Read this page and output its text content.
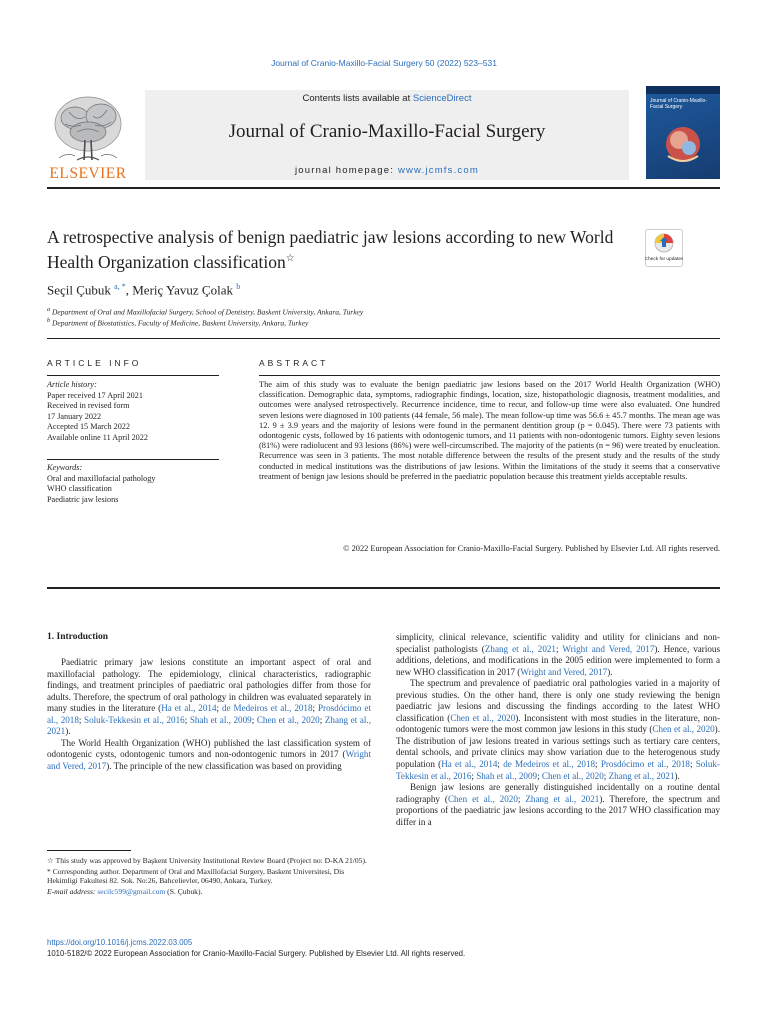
Journal of Cranio-Maxillo-Facial Surgery 50 (2022) 523–531
ELSEVIER
Contents lists available at ScienceDirect
Journal of Cranio-Maxillo-Facial Surgery
journal homepage: www.jcmfs.com
Journal of Cranio-Maxillo-Facial Surgery
A retrospective analysis of benign paediatric jaw lesions according to new World Health Organization classification☆	Check for updates
Seçil Çubuk $^{a, *}$, Meriç Yavuz Çolak $^b$
$^a$ Department of Oral and Maxillofacial Surgery, School of Dentistry, Baskent University, Ankara, Turkey
$^b$ Department of Biostatistics, Faculty of Medicine, Baskent University, Ankara, Turkey
ARTICLE INFO
Article history:
Paper received 17 April 2021
Received in revised form
17 January 2022
Accepted 15 March 2022
Available online 11 April 2022
Keywords:
Oral and maxillofacial pathology
WHO classification
Paediatric jaw lesions
ABSTRACT
The aim of this study was to evaluate the benign paediatric jaw lesions based on the 2017 World Health Organization (WHO) classification. Demographic data, symptoms, radiographic findings, location, size, histopathologic diagnosis, treatment modalities, and outcomes were analysed retrospectively. Recurrence incidence, time to recur, and follow-up time were also evaluated. One hundred seven lesions were diagnosed in 100 patients (44 female, 56 male). The mean follow-up time was 56.6 ± 45.7 months. The mean age was 12. 9 ± 3.9 years and the majority of lesions were found in the permanent dentition group (p = 0.045). There were 73 patients with odontogenic cysts, followed by 16 patients with odontogenic tumors, and 11 patients with non-odontogenic tumors. Eighty seven lesions (81%) were radiolucent and 93 lesions (86%) were well-circumscribed. The majority of the patients (n = 96) were treated by enucleation. Recurrence was seen in 3 patients. The most notable difference between the results of the present study and the results of the study conducted in medical institutions was the distributions of jaw lesions. Within the limitations of the study it seems that a conservative treatment of benign jaw lesions should be preferred in the paediatric population because this treatment yields acceptable results.
© 2022 European Association for Cranio-Maxillo-Facial Surgery. Published by Elsevier Ltd. All rights reserved.
1. Introduction

Paediatric primary jaw lesions constitute an important aspect of oral and maxillofacial pathology. The epidemiology, clinical characteristics, radiographic findings, and treatment principles of paediatric oral pathologies differ from those for adults. Therefore, the spectrum of oral pathology in children was evaluated separately in many studies in the literature (Ha et al., 2014; de Medeiros et al., 2018; Prosdócimo et al., 2018; Soluk-Tekkesin et al., 2016; Shah et al., 2009; Chen et al., 2020; Zhang et al., 2021).

The World Health Organization (WHO) published the last classification system of odontogenic cysts, odontogenic tumors and non-odontogenic tumors in 2017 (Wright and Vered, 2017). The principle of the new classification was based on providing

simplicity, clinical relevance, scientific validity and utility for clinicians and non-specialist pathologists (Zhang et al., 2021; Wright and Vered, 2017). Hence, various additions, deletions, and modifications in the 2005 edition were implemented to form a new WHO classification in 2017 (Wright and Vered, 2017).

The spectrum and prevalence of paediatric oral pathologies varied in a majority of previous studies. On the other hand, there is only one study reviewing the benign paediatric jaw lesions and discussing the findings according to the latest WHO classification (Chen et al., 2020). Inconsistent with most studies in the literature, non-odontogenic tumors were the most common jaw lesions in this study (Chen et al., 2020). The distribution of jaw lesions treated in various settings such as tertiary care centers, dental schools, and private clinics may show variation due to the heterogenous study population (Ha et al., 2014; de Medeiros et al., 2018; Prosdócimo et al., 2018; Soluk-Tekkesin et al., 2016; Shah et al., 2009; Chen et al., 2020; Zhang et al., 2021).

Benign jaw lesions are generally distinguished incidentally on a routine dental radiography (Chen et al., 2020; Zhang et al., 2021). Therefore, the spectrum and proportions of the paediatric jaw lesions according to the 2017 WHO classification may differ in a

☆ This study was approved by Başkent University Institutional Review Board (Project no: D-KA 21/05).

* Corresponding author. Department of Oral and Maxillofacial Surgery, Baskent Universitesi, Dis Hekimligi Fakultesi 82. Sok. No:26, Bahcelievler, 06490, Ankara, Turkey.

E-mail address: secilc599@gmail.com (S. Çubuk).

https://doi.org/10.1016/j.jcms.2022.03.005
1010-5182/© 2022 European Association for Cranio-Maxillo-Facial Surgery. Published by Elsevier Ltd. All rights reserved.
